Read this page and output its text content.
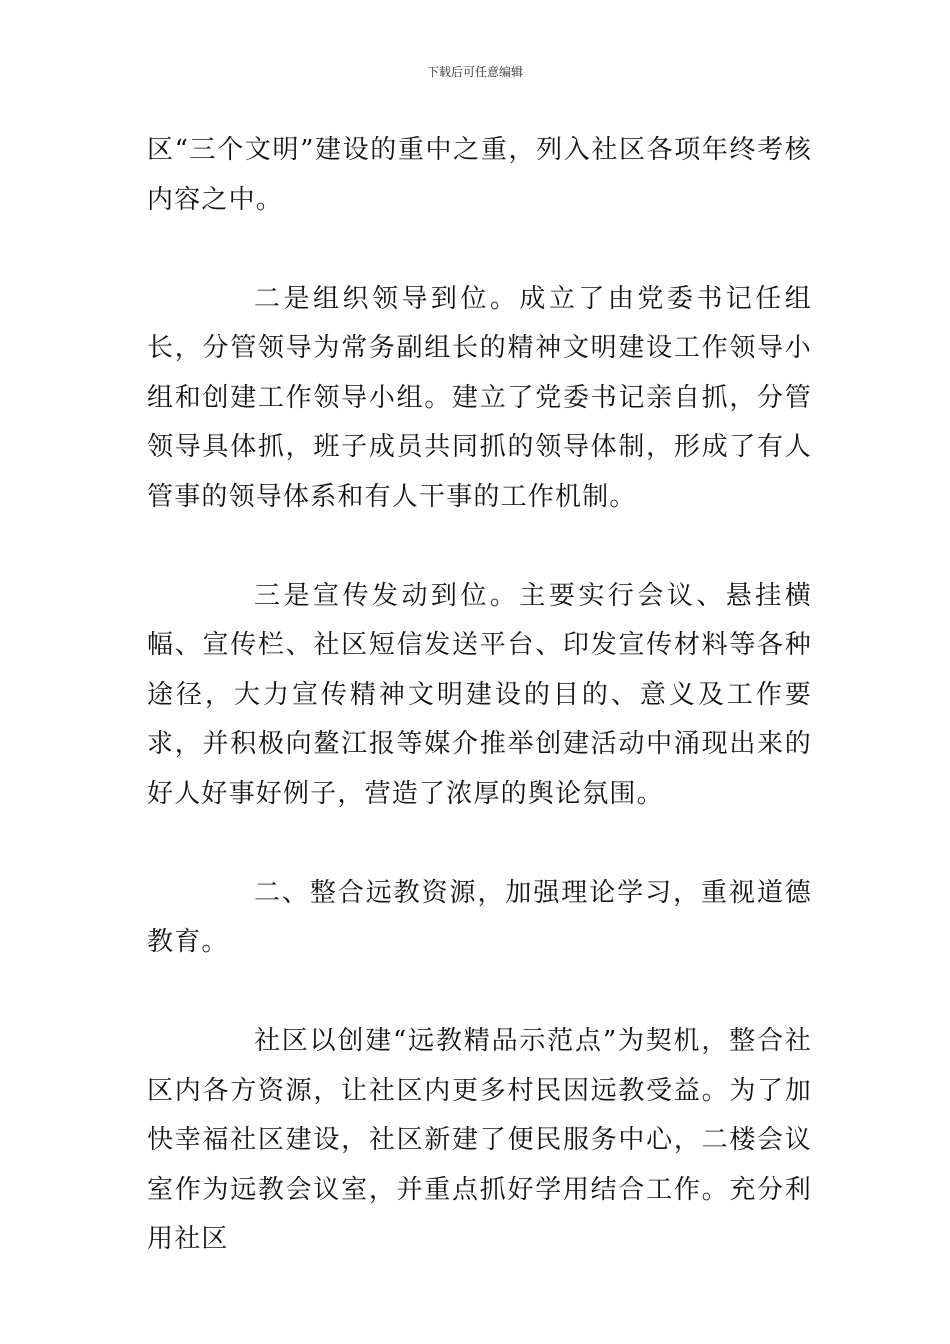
下载后可任意编辑

区“三个文明”建设的重中之重，列入社区各项年终考核内容之中。

二是组织领导到位。成立了由党委书记任组长，分管领导为常务副组长的精神文明建设工作领导小组和创建工作领导小组。建立了党委书记亲自抓，分管领导具体抓，班子成员共同抓的领导体制，形成了有人管事的领导体系和有人干事的工作机制。

三是宣传发动到位。主要实行会议、悬挂横幅、宣传栏、社区短信发送平台、印发宣传材料等各种途径，大力宣传精神文明建设的目的、意义及工作要求，并积极向鳌江报等媒介推举创建活动中涌现出来的好人好事好例子，营造了浓厚的舆论氛围。

二、整合远教资源，加强理论学习，重视道德教育。

社区以创建“远教精品示范点”为契机，整合社区内各方资源，让社区内更多村民因远教受益。为了加快幸福社区建设，社区新建了便民服务中心，二楼会议室作为远教会议室，并重点抓好学用结合工作。充分利用社区
